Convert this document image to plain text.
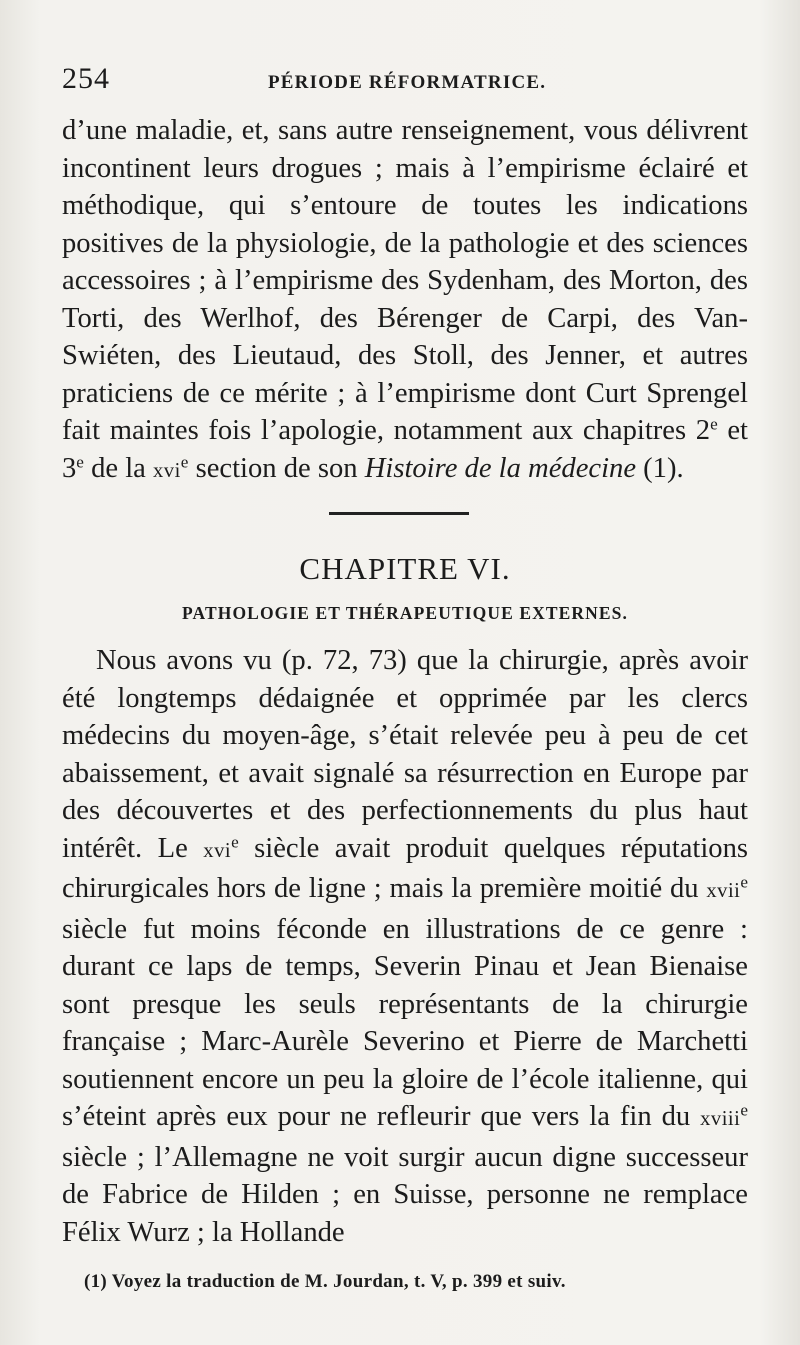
254	PÉRIODE RÉFORMATRICE.

d’une maladie, et, sans autre renseignement, vous délivrent incontinent leurs drogues ; mais à l’empirisme éclairé et méthodique, qui s’entoure de toutes les indications positives de la physiologie, de la pathologie et des sciences accessoires ; à l’empirisme des Sydenham, des Morton, des Torti, des Werlhof, des Bérenger de Carpi, des Van-Swiéten, des Lieutaud, des Stoll, des Jenner, et autres praticiens de ce mérite ; à l’empirisme dont Curt Sprengel fait maintes fois l’apologie, notamment aux chapitres 2e et 3e de la xvi$^e$ section de son Histoire de la médecine (1).

CHAPITRE VI.
PATHOLOGIE ET THÉRAPEUTIQUE EXTERNES.

Nous avons vu (p. 72, 73) que la chirurgie, après avoir été longtemps dédaignée et opprimée par les clercs médecins du moyen-âge, s’était relevée peu à peu de cet abaissement, et avait signalé sa résurrection en Europe par des découvertes et des perfectionnements du plus haut intérêt. Le xvi$^e$ siècle avait produit quelques réputations chirurgicales hors de ligne ; mais la première moitié du xvii$^e$ siècle fut moins féconde en illustrations de ce genre : durant ce laps de temps, Severin Pinau et Jean Bienaise sont presque les seuls représentants de la chirurgie française ; Marc-Aurèle Severino et Pierre de Marchetti soutiennent encore un peu la gloire de l’école italienne, qui s’éteint après eux pour ne refleurir que vers la fin du xviii$^e$ siècle ; l’Allemagne ne voit surgir aucun digne successeur de Fabrice de Hilden ; en Suisse, personne ne remplace Félix Wurz ; la Hollande

(1) Voyez la traduction de M. Jourdan, t. V, p. 399 et suiv.
